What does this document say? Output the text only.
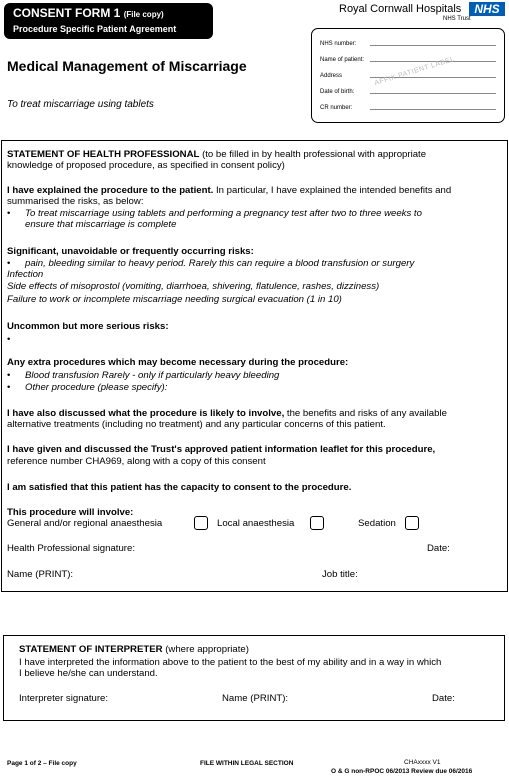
CONSENT FORM 1 (File copy)
Procedure Specific Patient Agreement
Medical Management of Miscarriage
To treat miscarriage using tablets
Royal Cornwall Hospitals	NHS
NHS Trust
NHS number:
Name of patient:
Address
Date of birth:
CR number:
AFFIX PATIENT LABEL
STATEMENT OF HEALTH PROFESSIONAL (to be filled in by health professional with appropriate
knowledge of proposed procedure, as specified in consent policy)
I have explained the procedure to the patient. In particular, I have explained the intended benefits and
summarised the risks, as below:
• To treat miscarriage using tablets and performing a pregnancy test after two to three weeks to
ensure that miscarriage is complete
Significant, unavoidable or frequently occurring risks:
• pain, bleeding similar to heavy period. Rarely this can require a blood transfusion or surgery
Infection
Side effects of misoprostol (vomiting, diarrhoea, shivering, flatulence, rashes, dizziness)
Failure to work or incomplete miscarriage needing surgical evacuation (1 in 10)
Uncommon but more serious risks:
•
Any extra procedures which may become necessary during the procedure:
• Blood transfusion Rarely - only if particularly heavy bleeding
• Other procedure (please specify):
I have also discussed what the procedure is likely to involve, the benefits and risks of any available
alternative treatments (including no treatment) and any particular concerns of this patient.
I have given and discussed the Trust's approved patient information leaflet for this procedure,
reference number CHA969, along with a copy of this consent
I am satisfied that this patient has the capacity to consent to the procedure.
This procedure will involve:
General and/or regional anaesthesia	Local anaesthesia	Sedation
Health Professional signature:	Date:
Name (PRINT):	Job title:
STATEMENT OF INTERPRETER (where appropriate)
I have interpreted the information above to the patient to the best of my ability and in a way in which
I believe he/she can understand.
Interpreter signature:	Name (PRINT):	Date:
Page 1 of 2 – File copy	FILE WITHIN LEGAL SECTION	CHAxxxx V1
O & G non-RPOC 06/2013 Review due 06/2016
